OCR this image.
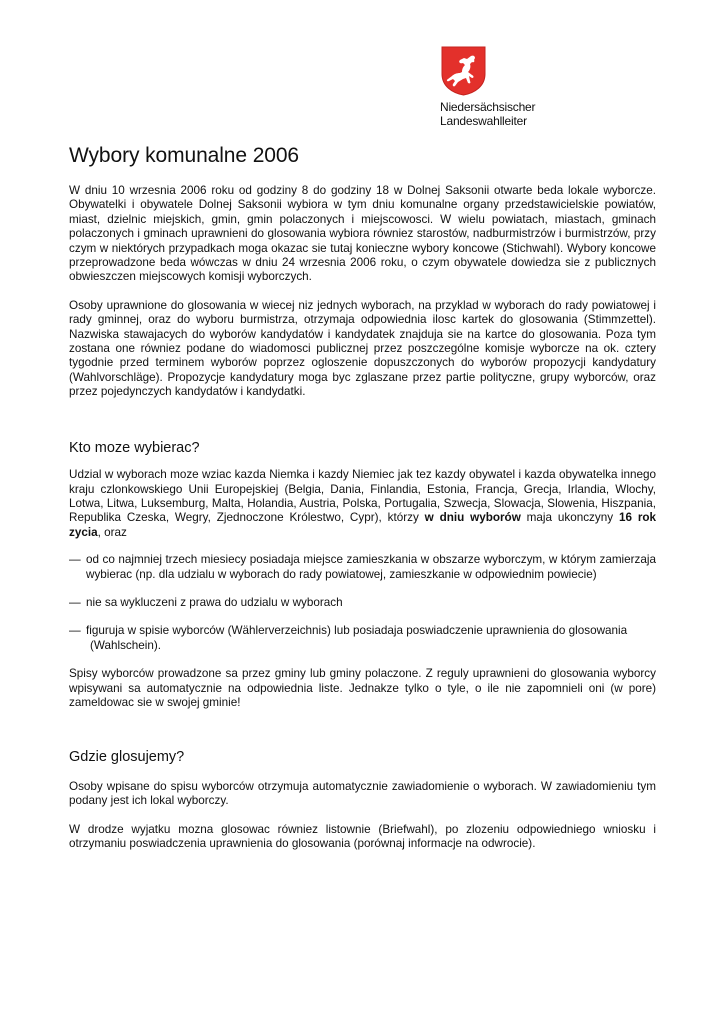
Niedersächsischer
Landeswahlleiter
Wybory komunalne 2006

W dniu 10 wrzesnia 2006 roku od godziny 8 do godziny 18 w Dolnej Saksonii otwarte beda lokale wyborcze. Obywatelki i obywatele Dolnej Saksonii wybiora w tym dniu komunalne organy przedstawicielskie powiatów, miast, dzielnic miejskich, gmin, gmin polaczonych i miejscowosci. W wielu powiatach, miastach, gminach polaczonych i gminach uprawnieni do glosowania wybiora równiez starostów, nadburmistrzów i burmistrzów, przy czym w niektórych przypadkach moga okazac sie tutaj konieczne wybory koncowe (Stichwahl). Wybory koncowe przeprowadzone beda wówczas w dniu 24 wrzesnia 2006 roku, o czym obywatele dowiedza sie z publicznych obwieszczen miejscowych komisji wyborczych.

Osoby uprawnione do glosowania w wiecej niz jednych wyborach, na przyklad w wyborach do rady powiatowej i rady gminnej, oraz do wyboru burmistrza, otrzymaja odpowiednia ilosc kartek do glosowania (Stimmzettel). Nazwiska stawajacych do wyborów kandydatów i kandydatek znajduja sie na kartce do glosowania. Poza tym zostana one równiez podane do wiadomosci publicznej przez poszczególne komisje wyborcze na ok. cztery tygodnie przed terminem wyborów poprzez ogloszenie dopuszczonych do wyborów propozycji kandydatury (Wahlvorschläge). Propozycje kandydatury moga byc zglaszane przez partie polityczne, grupy wyborców, oraz przez pojedynczych kandydatów i kandydatki.

Kto moze wybierac?

Udzial w wyborach moze wziac kazda Niemka i kazdy Niemiec jak tez kazdy obywatel i kazda obywatelka innego kraju czlonkowskiego Unii Europejskiej (Belgia, Dania, Finlandia, Estonia, Francja, Grecja, Irlandia, Wlochy, Lotwa, Litwa, Luksemburg, Malta, Holandia, Austria, Polska, Portugalia, Szwecja, Slowacja, Slowenia, Hiszpania, Republika Czeska, Wegry, Zjednoczone Królestwo, Cypr), którzy w dniu wyborów maja ukonczyny 16 rok zycia, oraz

— od co najmniej trzech miesiecy posiadaja miejsce zamieszkania w obszarze wyborczym, w którym zamierzaja wybierac (np. dla udzialu w wyborach do rady powiatowej, zamieszkanie w odpowiednim powiecie)
— nie sa wykluczeni z prawa do udzialu w wyborach
— figuruja w spisie wyborców (Wählerverzeichnis) lub posiadaja poswiadczenie uprawnienia do glosowania
(Wahlschein).

Spisy wyborców prowadzone sa przez gminy lub gminy polaczone. Z reguly uprawnieni do glosowania wyborcy wpisywani sa automatycznie na odpowiednia liste. Jednakze tylko o tyle, o ile nie zapomnieli oni (w pore) zameldowac sie w swojej gminie!

Gdzie glosujemy?

Osoby wpisane do spisu wyborców otrzymuja automatycznie zawiadomienie o wyborach. W zawiadomieniu tym podany jest ich lokal wyborczy.

W drodze wyjatku mozna glosowac równiez listownie (Briefwahl), po zlozeniu odpowiedniego wniosku i otrzymaniu poswiadczenia uprawnienia do glosowania (porównaj informacje na odwrocie).
